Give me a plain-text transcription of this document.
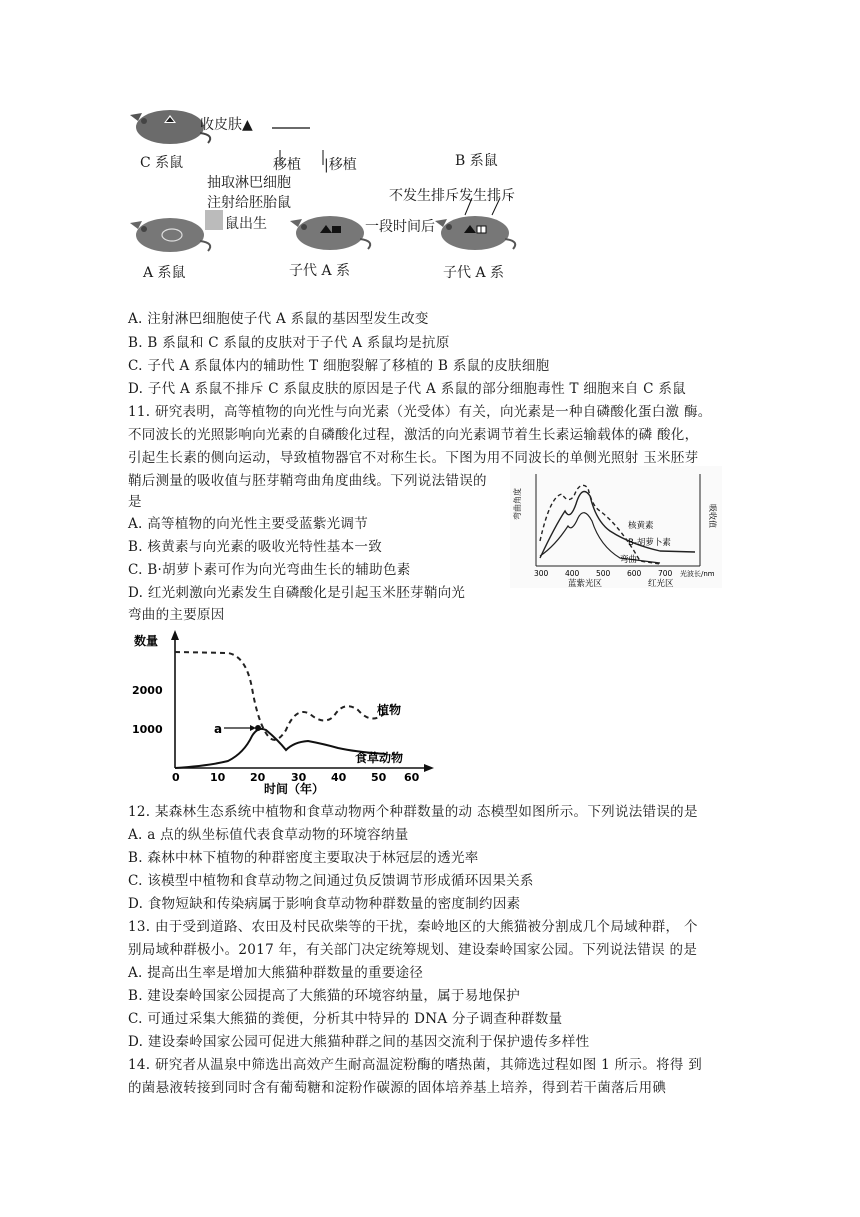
收皮肤▲
C 系鼠	移植 |移植	B 系鼠
抽取淋巴细胞
注射给胚胎鼠	不发生排斥发生排斥
鼠出生	一段时间后
A 系鼠	子代 A 系	子代 A 系
A. 注射淋巴细胞使子代 A 系鼠的基因型发生改变
B. B 系鼠和 C 系鼠的皮肤对于子代 A 系鼠均是抗原
C. 子代 A 系鼠体内的辅助性 T 细胞裂解了移植的 B 系鼠的皮肤细胞
D. 子代 A 系鼠不排斥 C 系鼠皮肤的原因是子代 A 系鼠的部分细胞毒性 T 细胞来自 C 系鼠
11. 研究表明，高等植物的向光性与向光素（光受体）有关，向光素是一种自磷酸化蛋白激 酶。
不同波长的光照影响向光素的自磷酸化过程，激活的向光素调节着生长素运输载体的磷 酸化，
引起生长素的侧向运动，导致植物器官不对称生长。下图为用不同波长的单侧光照射 玉米胚芽
鞘后测量的吸收值与胚芽鞘弯曲角度曲线。下列说法错误的
是
A. 高等植物的向光性主要受蓝紫光调节
B. 核黄素与向光素的吸收光特性基本一致
C. B·胡萝卜素可作为向光弯曲生长的辅助色素
D. 红光刺激向光素发生自磷酸化是引起玉米胚芽鞘向光
弯曲的主要原因
弯曲角度	吸收值
核黄素
B-胡萝卜素
弯曲
300 400 500 600 700 光波长/nm
蓝紫光区	红光区
数量
2000
1000	a
植物
食草动物
0	10 20 30 40 50 60
时间（年）
12. 某森林生态系统中植物和食草动物两个种群数量的动 态模型如图所示。下列说法错误的是
A. a 点的纵坐标值代表食草动物的环境容纳量
B. 森林中林下植物的种群密度主要取决于林冠层的透光率
C. 该模型中植物和食草动物之间通过负反馈调节形成循环因果关系
D. 食物短缺和传染病属于影响食草动物种群数量的密度制约因素
13. 由于受到道路、农田及村民砍柴等的干扰，秦岭地区的大熊猫被分割成几个局域种群， 个
别局域种群极小。2017 年，有关部门决定统筹规划、建设秦岭国家公园。下列说法错误 的是
A. 提高出生率是增加大熊猫种群数量的重要途径
B. 建设秦岭国家公园提高了大熊猫的环境容纳量，属于易地保护
C. 可通过采集大熊猫的粪便，分析其中特异的 DNA 分子调查种群数量
D. 建设秦岭国家公园可促进大熊猫种群之间的基因交流利于保护遗传多样性
14. 研究者从温泉中筛选出高效产生耐高温淀粉酶的嗜热菌，其筛选过程如图 1 所示。将得 到
的菌悬液转接到同时含有葡萄糖和淀粉作碳源的固体培养基上培养，得到若干菌落后用碘
